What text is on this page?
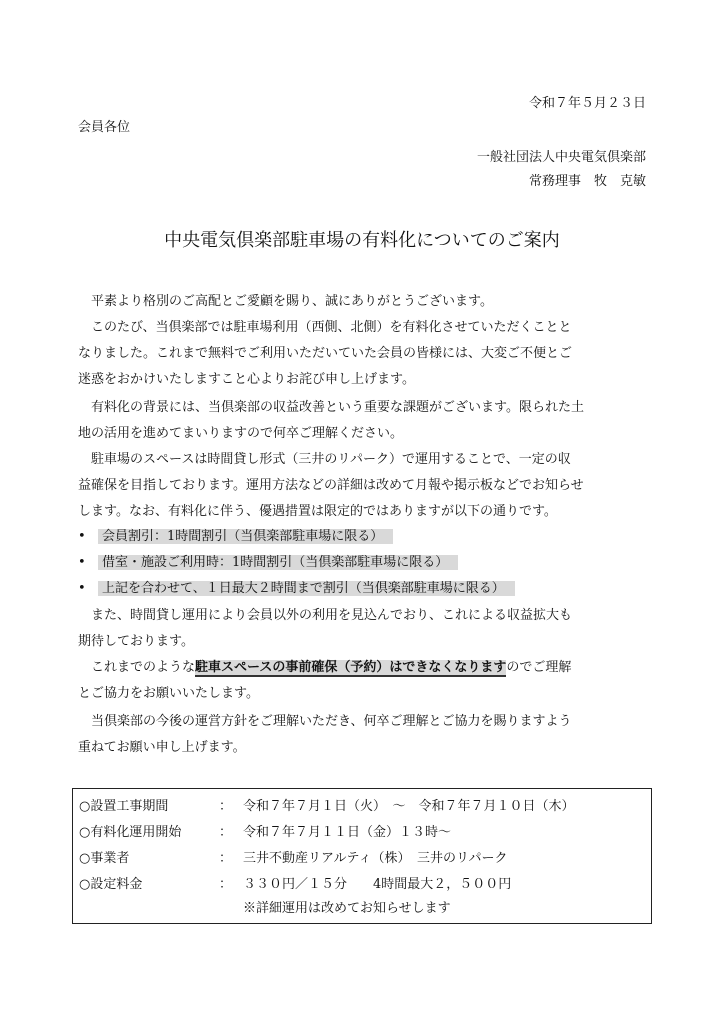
令和７年５月２３日
会員各位
一般社団法人中央電気倶楽部
常務理事　牧　克敏
中央電気倶楽部駐車場の有料化についてのご案内
　平素より格別のご高配とご愛顧を賜り、誠にありがとうございます。
　このたび、当倶楽部では駐車場利用（西側、北側）を有料化させていただくことと
なりました。これまで無料でご利用いただいていた会員の皆様には、大変ご不便とご
迷惑をおかけいたしますこと心よりお詫び申し上げます。
　有料化の背景には、当倶楽部の収益改善という重要な課題がございます。限られた土
地の活用を進めてまいりますので何卒ご理解ください。
　駐車場のスペースは時間貸し形式（三井のリパーク）で運用することで、一定の収
益確保を目指しております。運用方法などの詳細は改めて月報や掲示板などでお知らせ
します。なお、有料化に伴う、優遇措置は限定的ではありますが以下の通りです。
• 会員割引：1時間割引（当倶楽部駐車場に限る）
• 借室・施設ご利用時：1時間割引（当倶楽部駐車場に限る）
• 上記を合わせて、１日最大２時間まで割引（当倶楽部駐車場に限る）
　また、時間貸し運用により会員以外の利用を見込んでおり、これによる収益拡大も
期待しております。
　これまでのような駐車スペースの事前確保（予約）はできなくなりますのでご理解
とご協力をお願いいたします。
　当倶楽部の今後の運営方針をご理解いただき、何卒ご理解とご協力を賜りますよう
重ねてお願い申し上げます。
○設置工事期間	： 令和７年７月１日（火）　～　令和７年７月１０日（木）
○有料化運用開始	： 令和７年７月１１日（金）１３時～
○事業者	： 三井不動産リアルティ（株）　三井のリパーク
○設定料金	： ３３０円／１５分　　4時間最大２，５００円
※詳細運用は改めてお知らせします
